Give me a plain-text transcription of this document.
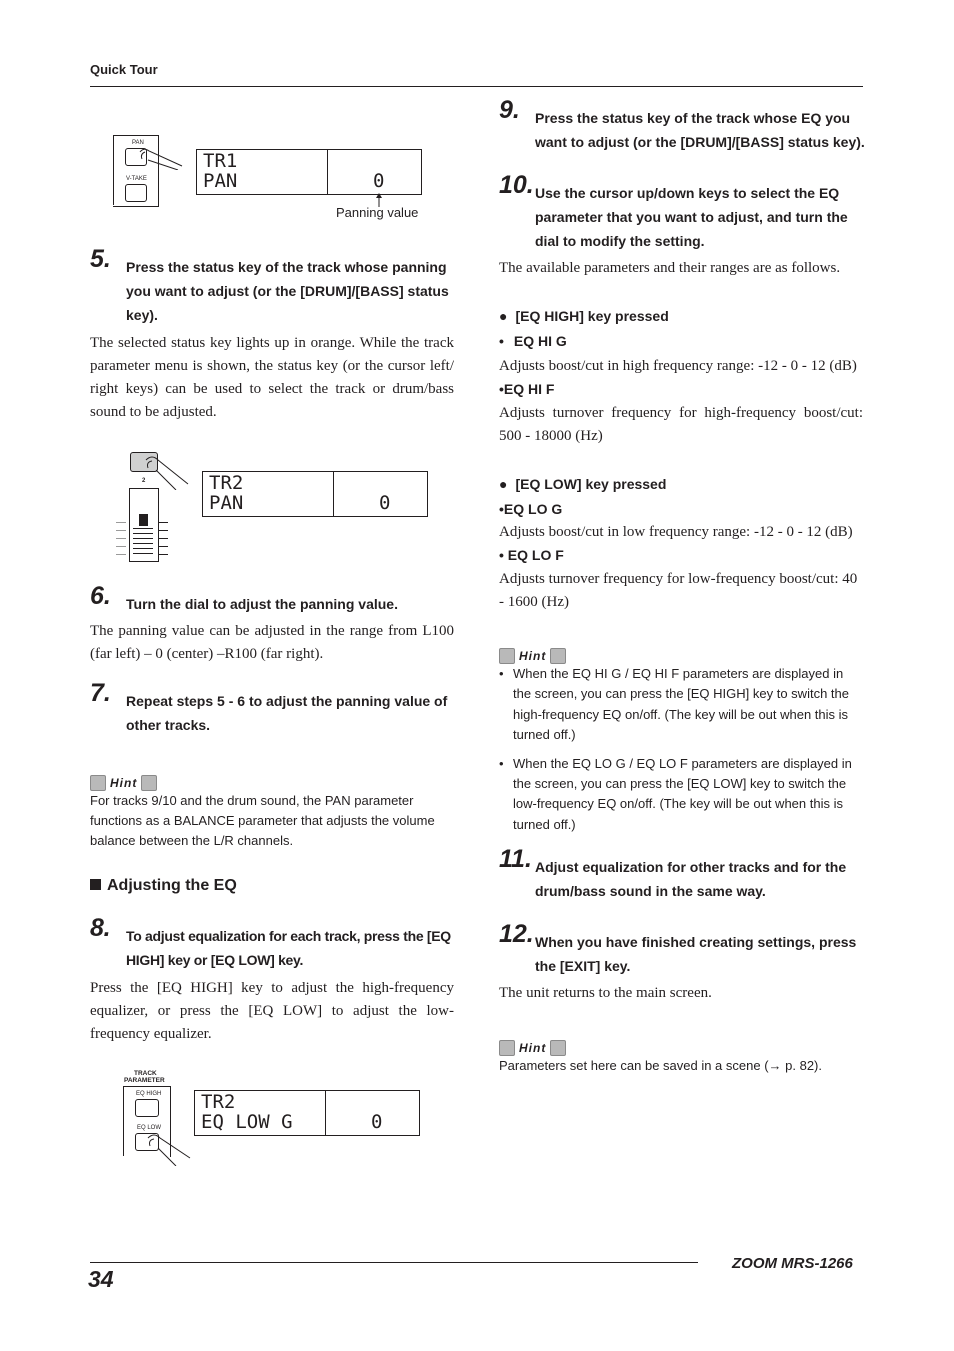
Quick Tour
34
ZOOM MRS-1266
PAN
V-TAKE
TR1
PAN	0
Panning value
5.	Press the status key of the track whose panning you want to adjust (or the [DRUM]/[BASS] status key).
The selected status key lights up in orange. While the track parameter menu is shown, the status key (or the cursor left/ right keys) can be used to select the track or drum/bass sound to be adjusted.
2	TR2
PAN	0
6.	Turn the dial to adjust the panning value.
The panning value can be adjusted in the range from L100 (far left) – 0 (center) –R100 (far right).
7.	Repeat steps 5 - 6 to adjust the panning value of other tracks.
Hint
For tracks 9/10 and the drum sound, the PAN parameter functions as a BALANCE parameter that adjusts the volume balance between the L/R channels.
Adjusting the EQ
8.	To adjust equalization for each track, press the [EQ HIGH] key or [EQ LOW] key.
Press the [EQ HIGH] key to adjust the high-frequency equalizer, or press the [EQ LOW] to adjust the low-frequency equalizer.
TRACK
PARAMETER
EQ HIGH
EQ LOW
TR2
EQ LOW G	0
9.	Press the status key of the track whose EQ you want to adjust (or the [DRUM]/[BASS] status key).
10. Use the cursor up/down keys to select the EQ parameter that you want to adjust, and turn the dial to modify the setting.
The available parameters and their ranges are as follows.
● [EQ HIGH] key pressed
• EQ HI G
Adjusts boost/cut in high frequency range: -12 - 0 - 12 (dB)
•EQ HI F
Adjusts turnover frequency for high-frequency boost/cut: 500 - 18000 (Hz)
● [EQ LOW] key pressed
•EQ LO G
Adjusts boost/cut in low frequency range: -12 - 0 - 12 (dB)
• EQ LO F
Adjusts turnover frequency for low-frequency boost/cut: 40 - 1600 (Hz)
Hint
• When the EQ HI G / EQ HI F parameters are displayed in the screen, you can press the [EQ HIGH] key to switch the high-frequency EQ on/off. (The key will be out when this is turned off.)
• When the EQ LO G / EQ LO F parameters are displayed in the screen, you can press the [EQ LOW] key to switch the low-frequency EQ on/off. (The key will be out when this is turned off.)
11. Adjust equalization for other tracks and for the drum/bass sound in the same way.
12. When you have finished creating settings, press the [EXIT] key.
The unit returns to the main screen.
Hint
Parameters set here can be saved in a scene (→ p. 82).
